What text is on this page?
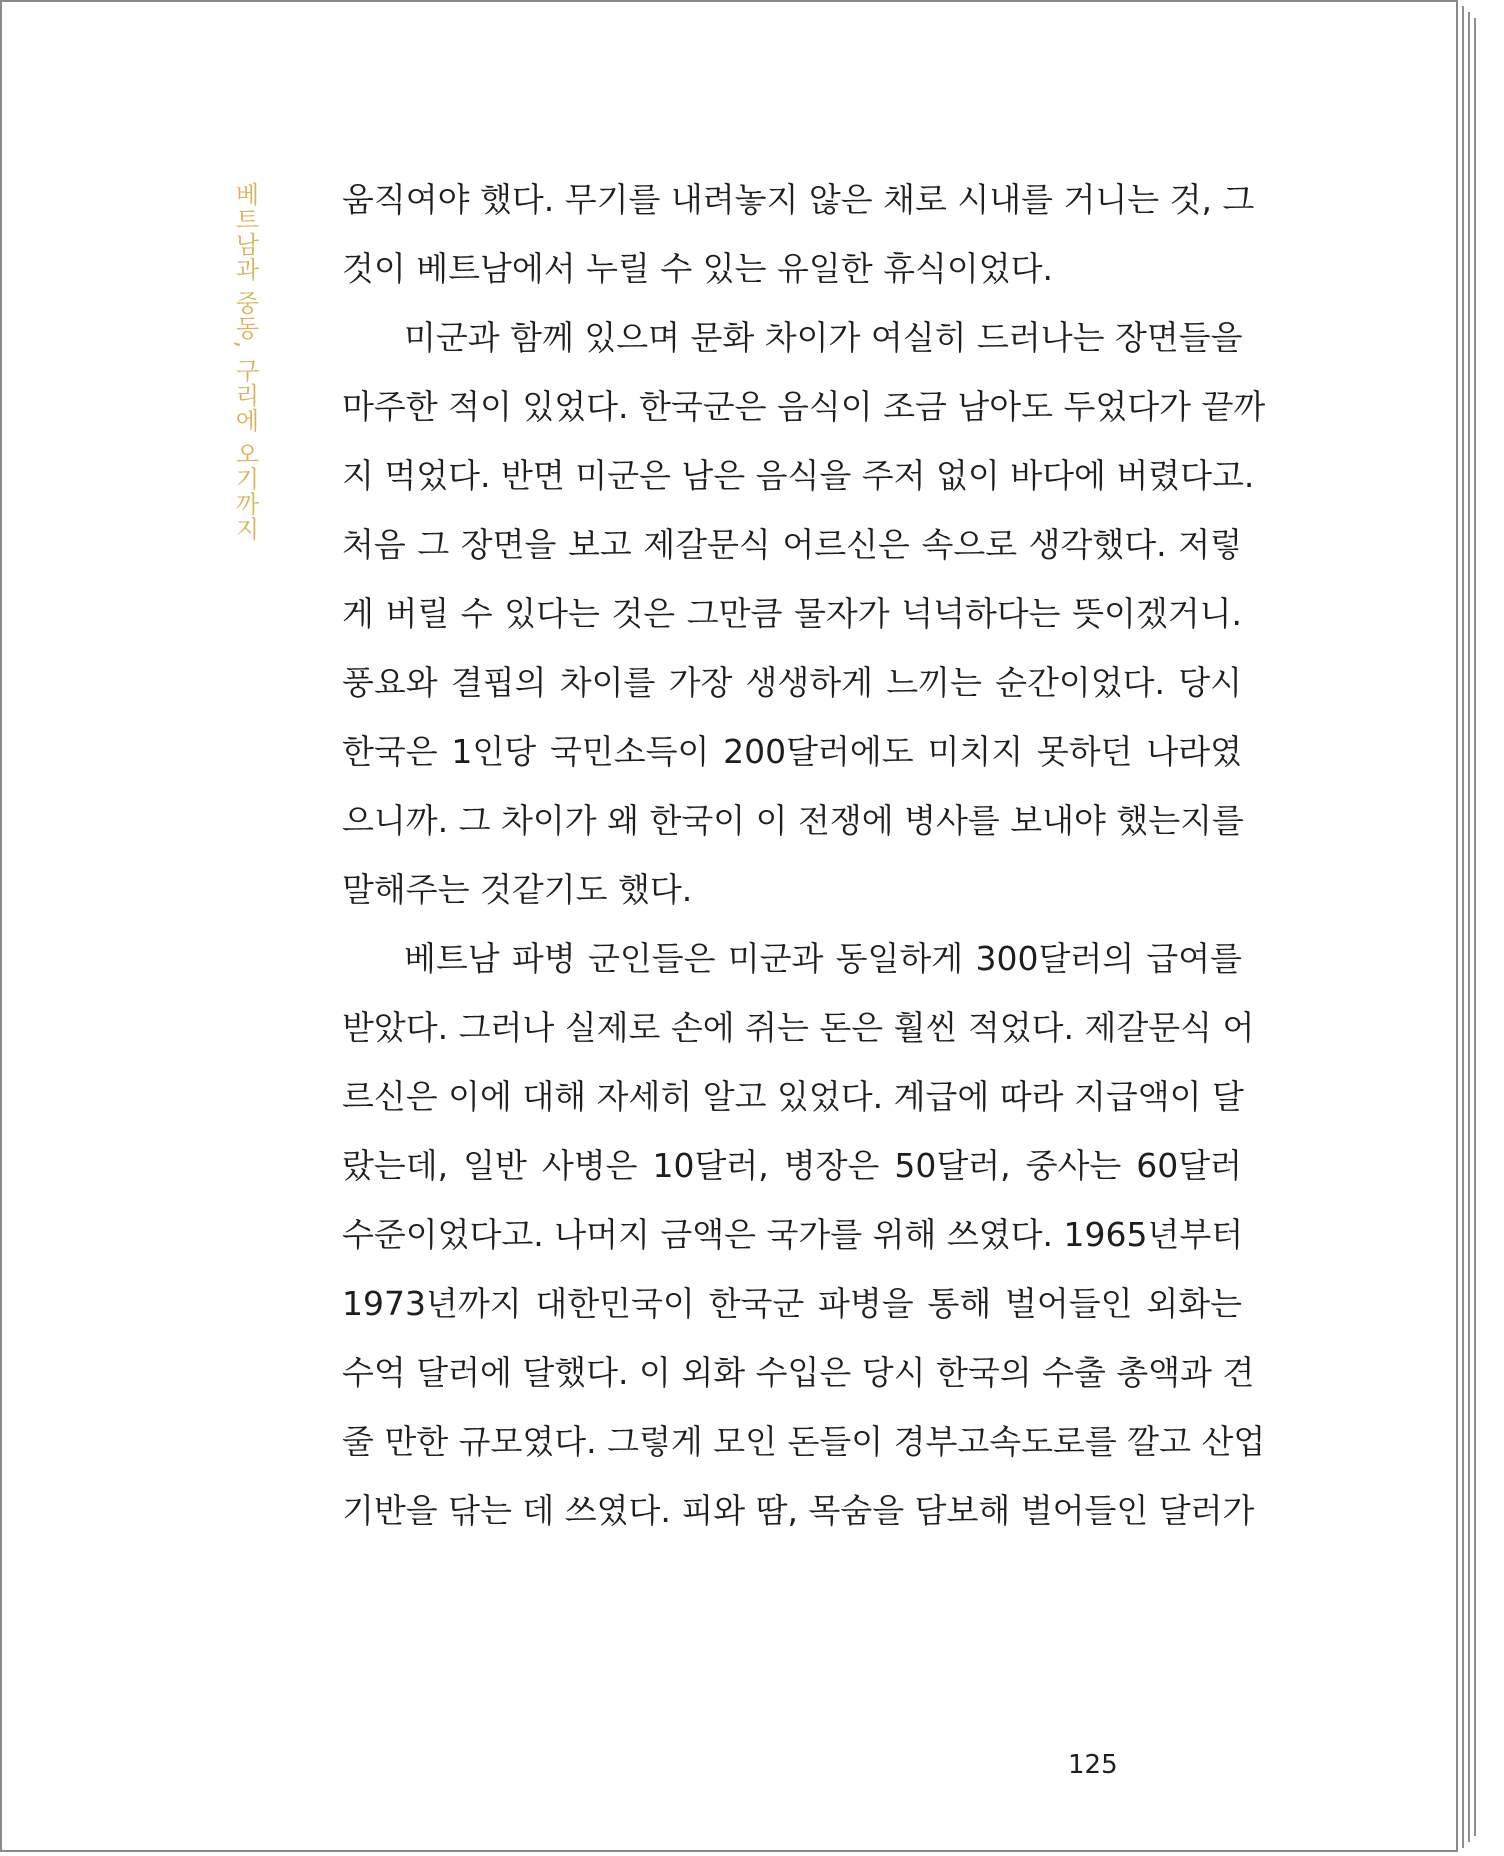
베트남과 중동, 구리에 오기까지	움직여야 했다. 무기를 내려놓지 않은 채로 시내를 거니는 것, 그
것이 베트남에서 누릴 수 있는 유일한 휴식이었다.
미군과 함께 있으며 문화 차이가 여실히 드러나는 장면들을
마주한 적이 있었다. 한국군은 음식이 조금 남아도 두었다가 끝까
지 먹었다. 반면 미군은 남은 음식을 주저 없이 바다에 버렸다고.
처음 그 장면을 보고 제갈문식 어르신은 속으로 생각했다. 저렇
게 버릴 수 있다는 것은 그만큼 물자가 넉넉하다는 뜻이겠거니.
풍요와 결핍의 차이를 가장 생생하게 느끼는 순간이었다. 당시
한국은 1인당 국민소득이 200달러에도 미치지 못하던 나라였
으니까. 그 차이가 왜 한국이 이 전쟁에 병사를 보내야 했는지를
말해주는 것같기도 했다.
베트남 파병 군인들은 미군과 동일하게 300달러의 급여를
받았다. 그러나 실제로 손에 쥐는 돈은 훨씬 적었다. 제갈문식 어
르신은 이에 대해 자세히 알고 있었다. 계급에 따라 지급액이 달
랐는데, 일반 사병은 10달러, 병장은 50달러, 중사는 60달러
수준이었다고. 나머지 금액은 국가를 위해 쓰였다. 1965년부터
1973년까지 대한민국이 한국군 파병을 통해 벌어들인 외화는
수억 달러에 달했다. 이 외화 수입은 당시 한국의 수출 총액과 견
줄 만한 규모였다. 그렇게 모인 돈들이 경부고속도로를 깔고 산업
기반을 닦는 데 쓰였다. 피와 땀, 목숨을 담보해 벌어들인 달러가
125
